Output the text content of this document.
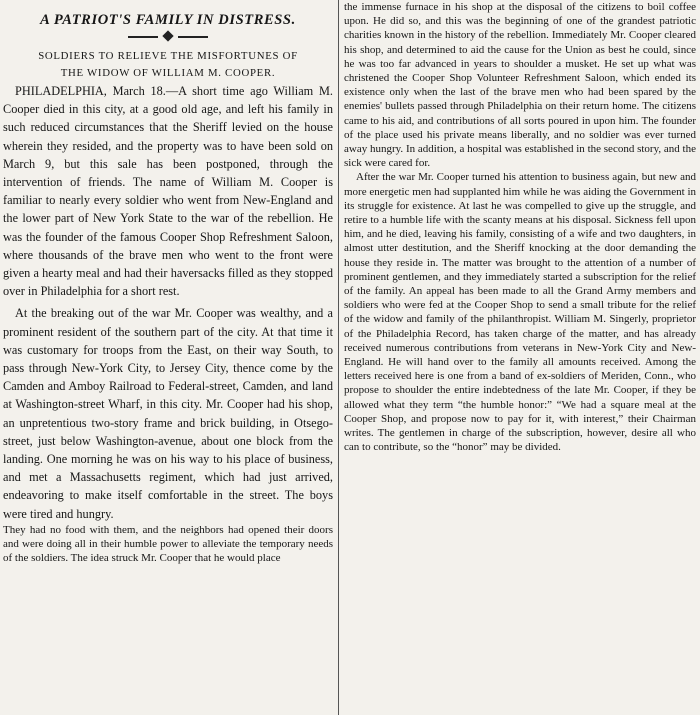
A PATRIOT'S FAMILY IN DISTRESS.

SOLDIERS TO RELIEVE THE MISFORTUNES OF

THE WIDOW OF WILLIAM M. COOPER.

PHILADELPHIA, March 18.—A short time ago William M. Cooper died in this city, at a good old age, and left his family in such reduced circumstances that the Sheriff levied on the house wherein they resided, and the property was to have been sold on March 9, but this sale has been postponed, through the intervention of friends. The name of William M. Cooper is familiar to nearly every soldier who went from New-England and the lower part of New York State to the war of the rebellion. He was the founder of the famous Cooper Shop Refreshment Saloon, where thousands of the brave men who went to the front were given a hearty meal and had their haversacks filled as they stopped over in Philadelphia for a short rest.

At the breaking out of the war Mr. Cooper was wealthy, and a prominent resident of the southern part of the city. At that time it was customary for troops from the East, on their way South, to pass through New-York City, to Jersey City, thence come by the Camden and Amboy Railroad to Federal-street, Camden, and land at Washington-street Wharf, in this city. Mr. Cooper had his shop, an unpretentious two-story frame and brick building, in Otsego-street, just below Washington-avenue, about one block from the landing. One morning he was on his way to his place of business, and met a Massachusetts regiment, which had just arrived, endeavoring to make itself comfortable in the street. The boys were tired and hungry.

They had no food with them, and the neighbors had opened their doors and were doing all in their humble power to alleviate the temporary needs of the soldiers. The idea struck Mr. Cooper that he would place

the immense furnace in his shop at the disposal of the citizens to boil coffee upon. He did so, and this was the beginning of one of the grandest patriotic charities known in the history of the rebellion. Immediately Mr. Cooper cleared his shop, and determined to aid the cause for the Union as best he could, since he was too far advanced in years to shoulder a musket. He set up what was christened the Cooper Shop Volunteer Refreshment Saloon, which ended its existence only when the last of the brave men who had been spared by the enemies' bullets passed through Philadelphia on their return home. The citizens came to his aid, and contributions of all sorts poured in upon him. The founder of the place used his private means liberally, and no soldier was ever turned away hungry. In addition, a hospital was established in the second story, and the sick were cared for.

After the war Mr. Cooper turned his attention to business again, but new and more energetic men had supplanted him while he was aiding the Government in its struggle for existence. At last he was compelled to give up the struggle, and retire to a humble life with the scanty means at his disposal. Sickness fell upon him, and he died, leaving his family, consisting of a wife and two daughters, in almost utter destitution, and the Sheriff knocking at the door demanding the house they reside in. The matter was brought to the attention of a number of prominent gentlemen, and they immediately started a subscription for the relief of the family. An appeal has been made to all the Grand Army members and soldiers who were fed at the Cooper Shop to send a small tribute for the relief of the widow and family of the philanthropist. William M. Singerly, proprietor of the Philadelphia Record, has taken charge of the matter, and has already received numerous contributions from veterans in New-York City and New-England. He will hand over to the family all amounts received. Among the letters received here is one from a band of ex-soldiers of Meriden, Conn., who propose to shoulder the entire indebtedness of the late Mr. Cooper, if they be allowed what they term “the humble honor:” “We had a square meal at the Cooper Shop, and propose now to pay for it, with interest,” their Chairman writes. The gentlemen in charge of the subscription, however, desire all who can to contribute, so the “honor” may be divided.
